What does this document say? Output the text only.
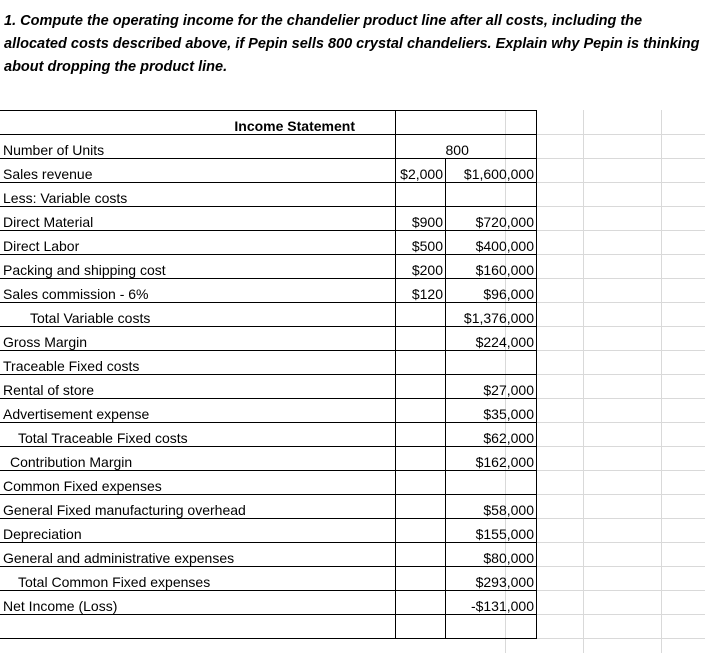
1. Compute the operating income for the chandelier product line after all costs, including the allocated costs described above, if Pepin sells 800 crystal chandeliers. Explain why Pepin is thinking about dropping the product line.
Income Statement		
Number of Units		800
Sales revenue	$2,000	$1,600,000
Less: Variable costs		
Direct Material	$900	$720,000
Direct Labor	$500	$400,000
Packing and shipping cost	$200	$160,000
Sales commission - 6%	$120	$96,000
Total Variable costs		$1,376,000
Gross Margin		$224,000
Traceable Fixed costs		
Rental of store		$27,000
Advertisement expense		$35,000
Total Traceable Fixed costs		$62,000
Contribution Margin		$162,000
Common Fixed expenses		
General Fixed manufacturing overhead		$58,000
Depreciation		$155,000
General and administrative expenses		$80,000
Total Common Fixed expenses		$293,000
Net Income (Loss)		-$131,000
